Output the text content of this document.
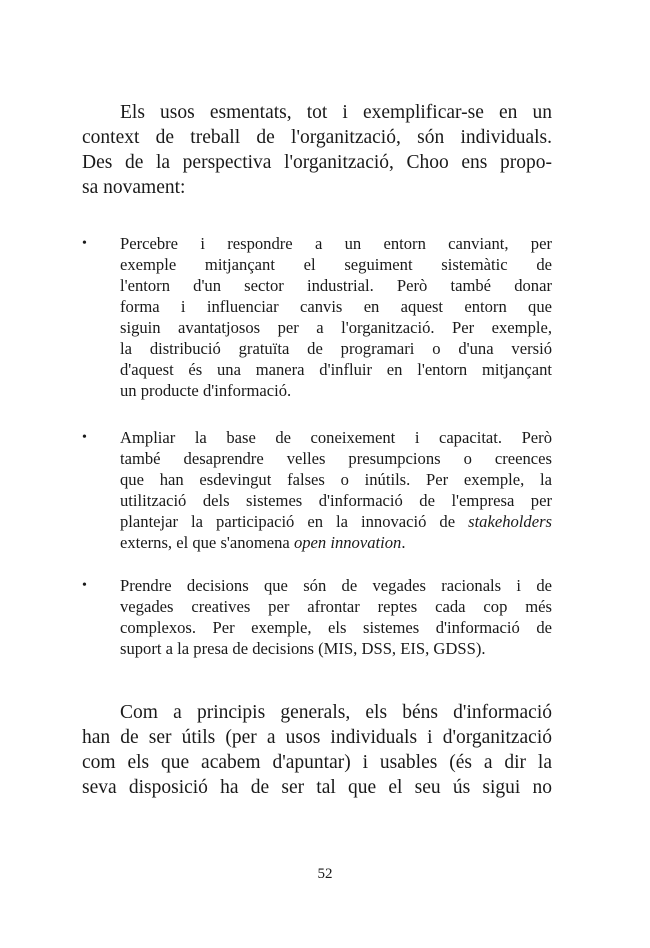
Els usos esmentats, tot i exemplificar-se en un
context de treball de l'organització, són individuals.
Des de la perspectiva l'organització, Choo ens propo-
sa novament:
• Percebre i respondre a un entorn canviant, per
exemple mitjançant el seguiment sistemàtic de
l'entorn d'un sector industrial. Però també donar
forma i influenciar canvis en aquest entorn que
siguin avantatjosos per a l'organització. Per exemple,
la distribució gratuïta de programari o d'una versió
d'aquest és una manera d'influir en l'entorn mitjançant
un producte d'informació.
• Ampliar la base de coneixement i capacitat. Però
també desaprendre velles presumpcions o creences
que han esdevingut falses o inútils. Per exemple, la
utilització dels sistemes d'informació de l'empresa per
plantejar la participació en la innovació de stakeholders
externs, el que s'anomena open innovation.
• Prendre decisions que són de vegades racionals i de
vegades creatives per afrontar reptes cada cop més
complexos. Per exemple, els sistemes d'informació de
suport a la presa de decisions (MIS, DSS, EIS, GDSS).
Com a principis generals, els béns d'informació
han de ser útils (per a usos individuals i d'organització
com els que acabem d'apuntar) i usables (és a dir la
seva disposició ha de ser tal que el seu ús sigui no
52
